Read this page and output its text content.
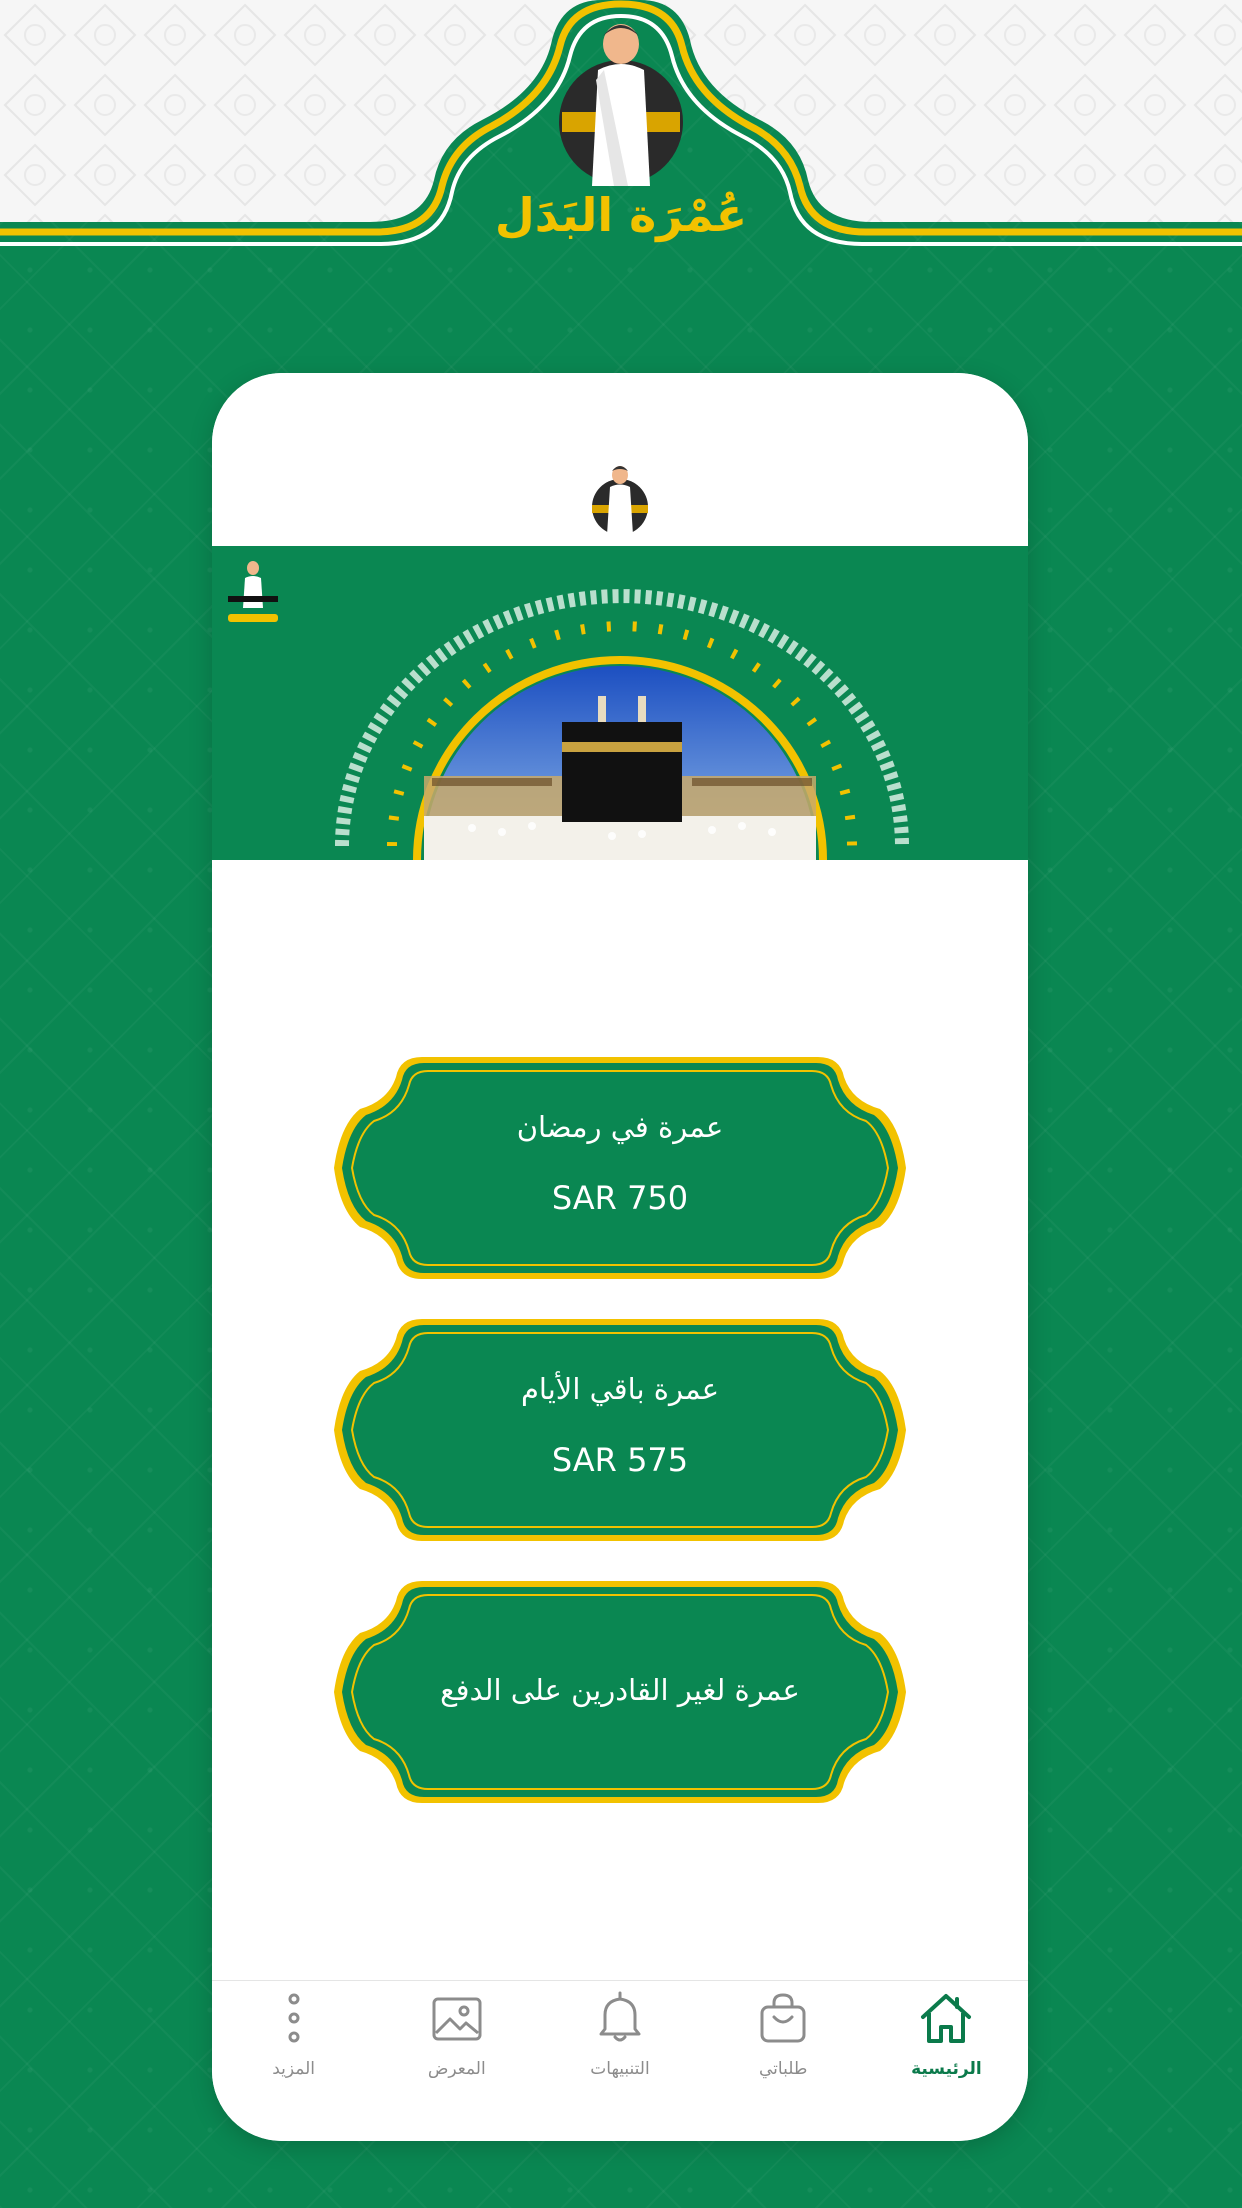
عُمْرَة البَدَل
عمرة في رمضان
SAR 750
عمرة باقي الأيام
SAR 575
عمرة لغير القادرين على الدفع
الرئيسية
طلباتي
التنبيهات
المعرض
المزيد
